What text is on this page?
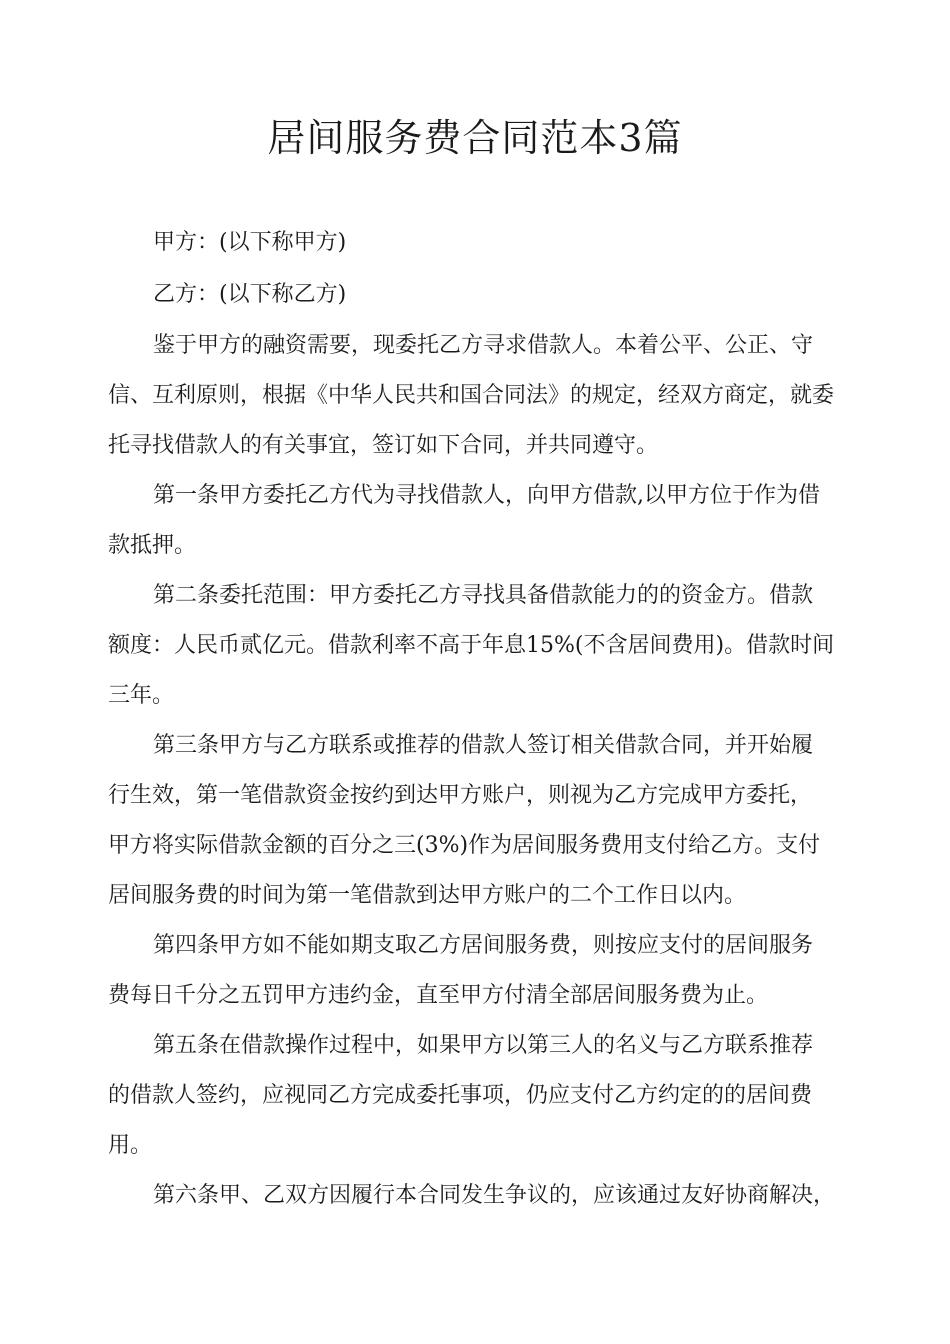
居间服务费合同范本3篇

甲方：(以下称甲方)

乙方：(以下称乙方)

鉴于甲方的融资需要，现委托乙方寻求借款人。本着公平、公正、守

信、互利原则，根据《中华人民共和国合同法》的规定，经双方商定，就委

托寻找借款人的有关事宜，签订如下合同，并共同遵守。

第一条甲方委托乙方代为寻找借款人，向甲方借款,以甲方位于作为借

款抵押。

第二条委托范围：甲方委托乙方寻找具备借款能力的的资金方。借款

额度：人民币贰亿元。借款利率不高于年息15%(不含居间费用)。借款时间

三年。

第三条甲方与乙方联系或推荐的借款人签订相关借款合同，并开始履

行生效，第一笔借款资金按约到达甲方账户，则视为乙方完成甲方委托，

甲方将实际借款金额的百分之三(3%)作为居间服务费用支付给乙方。支付

居间服务费的时间为第一笔借款到达甲方账户的二个工作日以内。

第四条甲方如不能如期支取乙方居间服务费，则按应支付的居间服务

费每日千分之五罚甲方违约金，直至甲方付清全部居间服务费为止。

第五条在借款操作过程中，如果甲方以第三人的名义与乙方联系推荐

的借款人签约，应视同乙方完成委托事项，仍应支付乙方约定的的居间费

用。

第六条甲、乙双方因履行本合同发生争议的，应该通过友好协商解决，
